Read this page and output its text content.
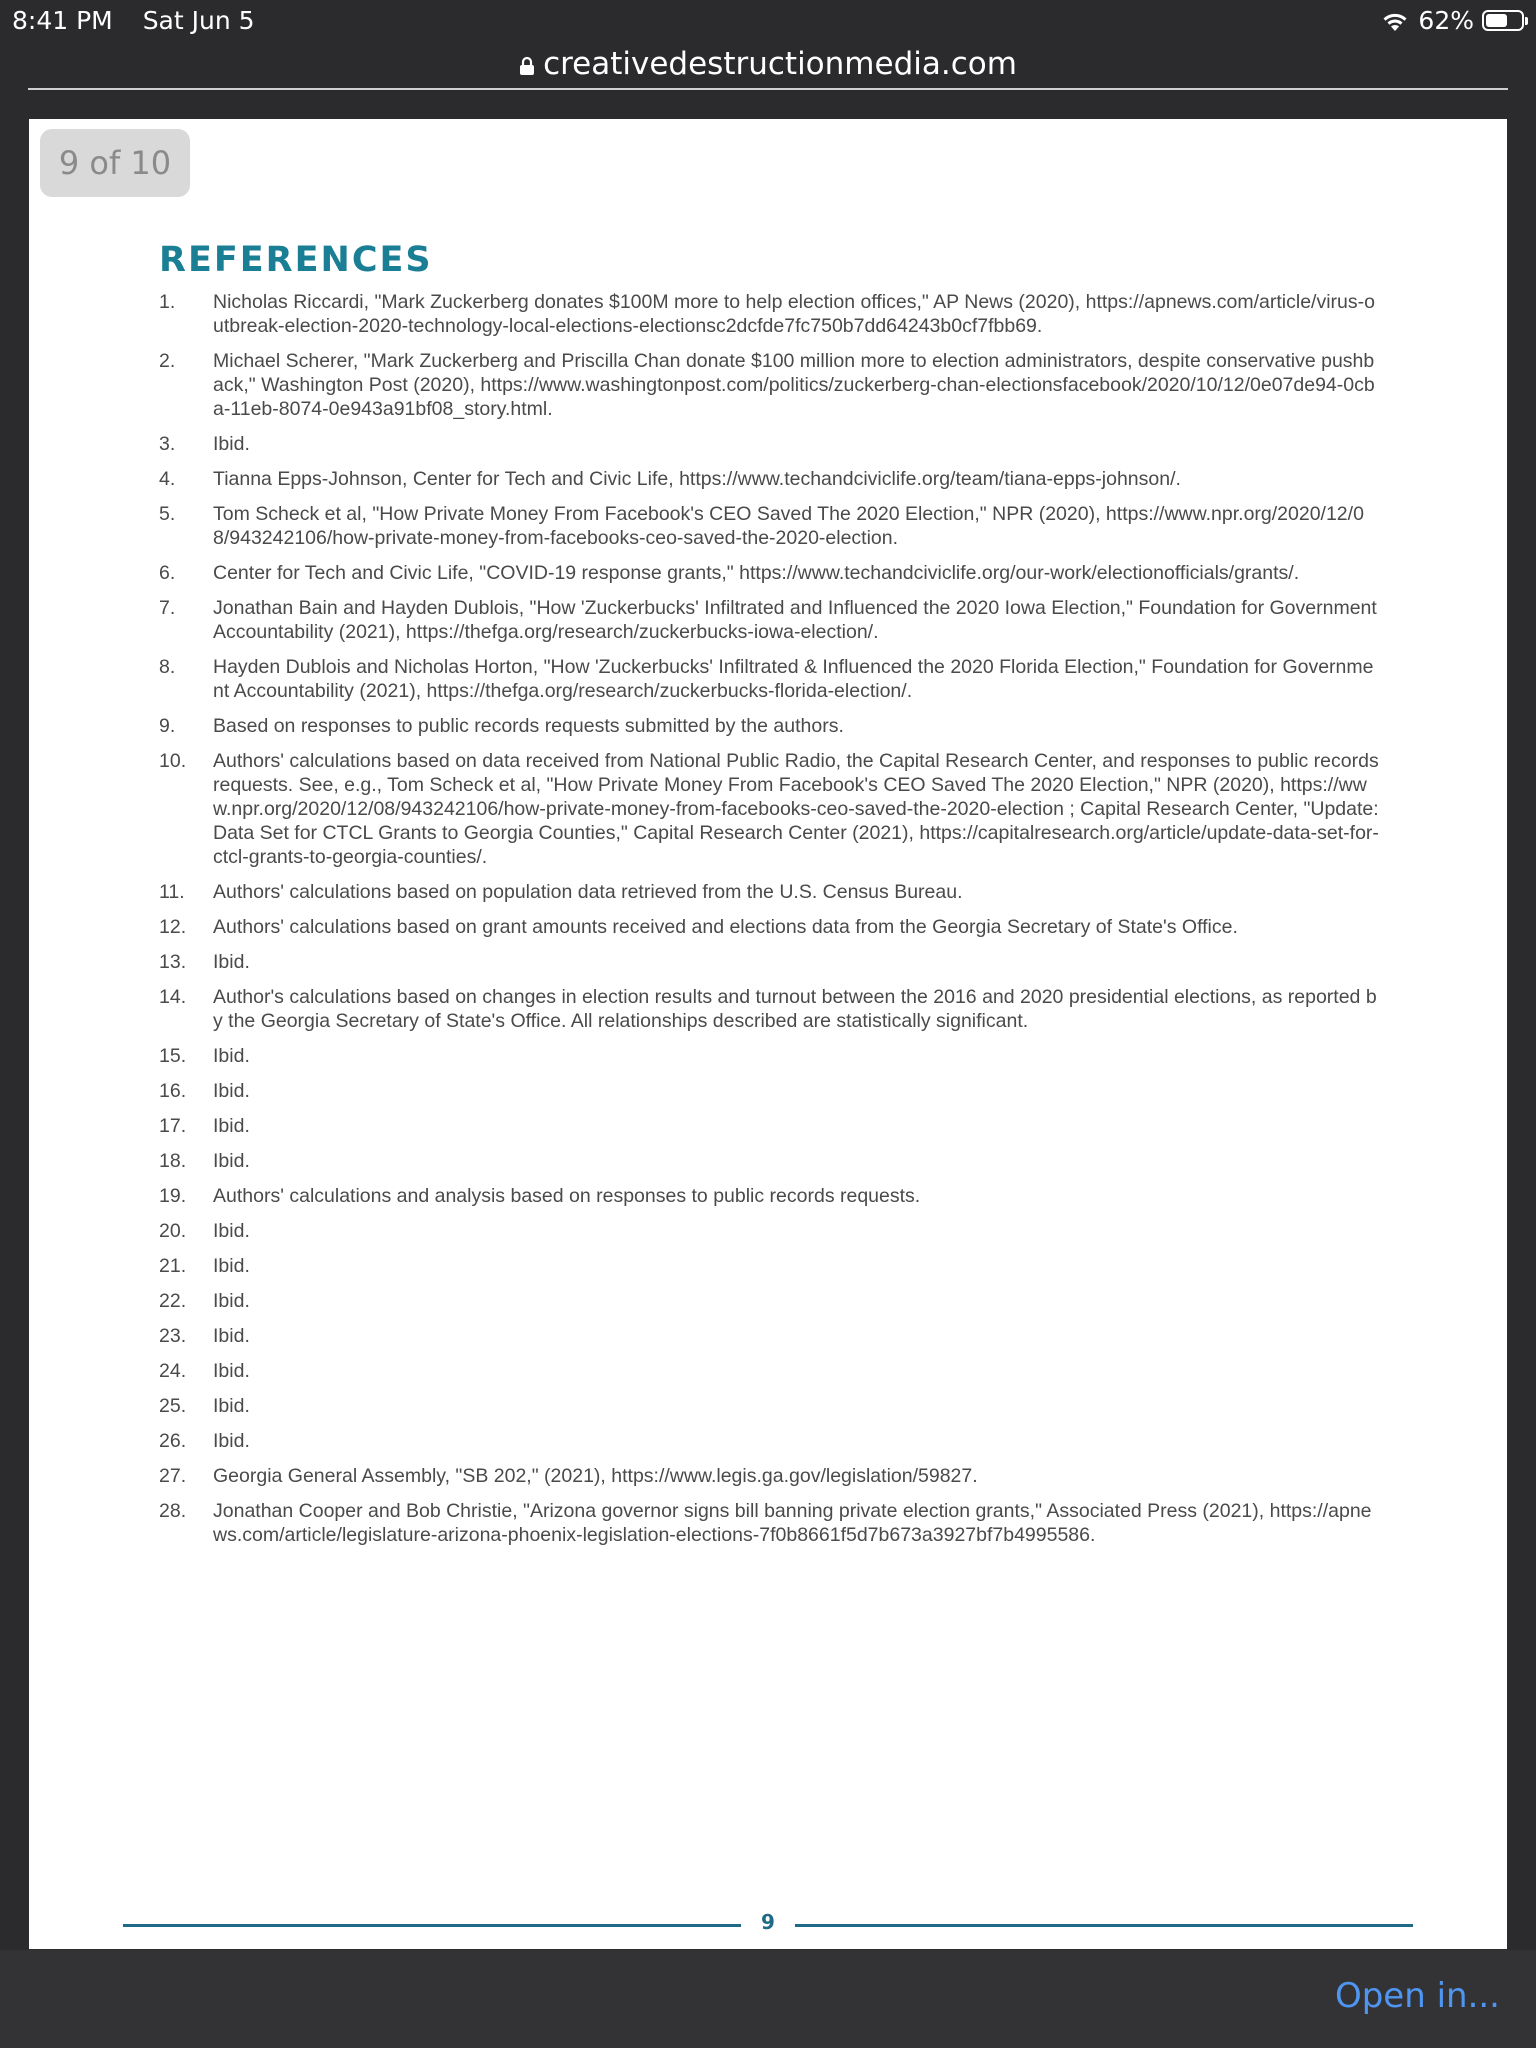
8:41 PM Sat Jun 5	62%
creativedestructionmedia.com
9 of 10
REFERENCES
1.	Nicholas Riccardi, "Mark Zuckerberg donates $100M more to help election offices," AP News (2020), https://apnews.com/article/virus-outbreak-election-2020-technology-local-elections-electionsc2dcfde7fc750b7dd64243b0cf7fbb69.
2.	Michael Scherer, "Mark Zuckerberg and Priscilla Chan donate $100 million more to election administrators, despite conservative pushback," Washington Post (2020), https://www.washingtonpost.com/politics/zuckerberg-chan-electionsfacebook/2020/10/12/0e07de94-0cba-11eb-8074-0e943a91bf08_story.html.
3.	Ibid.
4.	Tianna Epps-Johnson, Center for Tech and Civic Life, https://www.techandciviclife.org/team/tiana-epps-johnson/.
5.	Tom Scheck et al, "How Private Money From Facebook's CEO Saved The 2020 Election," NPR (2020), https://www.npr.org/2020/12/08/943242106/how-private-money-from-facebooks-ceo-saved-the-2020-election.
6.	Center for Tech and Civic Life, "COVID-19 response grants," https://www.techandciviclife.org/our-work/electionofficials/grants/.
7.	Jonathan Bain and Hayden Dublois, "How 'Zuckerbucks' Infiltrated and Influenced the 2020 Iowa Election," Foundation for Government Accountability (2021), https://thefga.org/research/zuckerbucks-iowa-election/.
8.	Hayden Dublois and Nicholas Horton, "How 'Zuckerbucks' Infiltrated & Influenced the 2020 Florida Election," Foundation for Government Accountability (2021), https://thefga.org/research/zuckerbucks-florida-election/.
9.	Based on responses to public records requests submitted by the authors.
10.	Authors' calculations based on data received from National Public Radio, the Capital Research Center, and responses to public records requests. See, e.g., Tom Scheck et al, "How Private Money From Facebook's CEO Saved The 2020 Election," NPR (2020), https://www.npr.org/2020/12/08/943242106/how-private-money-from-facebooks-ceo-saved-the-2020-election ; Capital Research Center, "Update: Data Set for CTCL Grants to Georgia Counties," Capital Research Center (2021), https://capitalresearch.org/article/update-data-set-for-ctcl-grants-to-georgia-counties/.
11.	Authors' calculations based on population data retrieved from the U.S. Census Bureau.
12.	Authors' calculations based on grant amounts received and elections data from the Georgia Secretary of State's Office.
13.	Ibid.
14.	Author's calculations based on changes in election results and turnout between the 2016 and 2020 presidential elections, as reported by the Georgia Secretary of State's Office. All relationships described are statistically significant.
15.	Ibid.
16.	Ibid.
17.	Ibid.
18.	Ibid.
19.	Authors' calculations and analysis based on responses to public records requests.
20.	Ibid.
21.	Ibid.
22.	Ibid.
23.	Ibid.
24.	Ibid.
25.	Ibid.
26.	Ibid.
27.	Georgia General Assembly, "SB 202," (2021), https://www.legis.ga.gov/legislation/59827.
28.	Jonathan Cooper and Bob Christie, "Arizona governor signs bill banning private election grants," Associated Press (2021), https://apnews.com/article/legislature-arizona-phoenix-legislation-elections-7f0b8661f5d7b673a3927bf7b4995586.
9
Open in...
